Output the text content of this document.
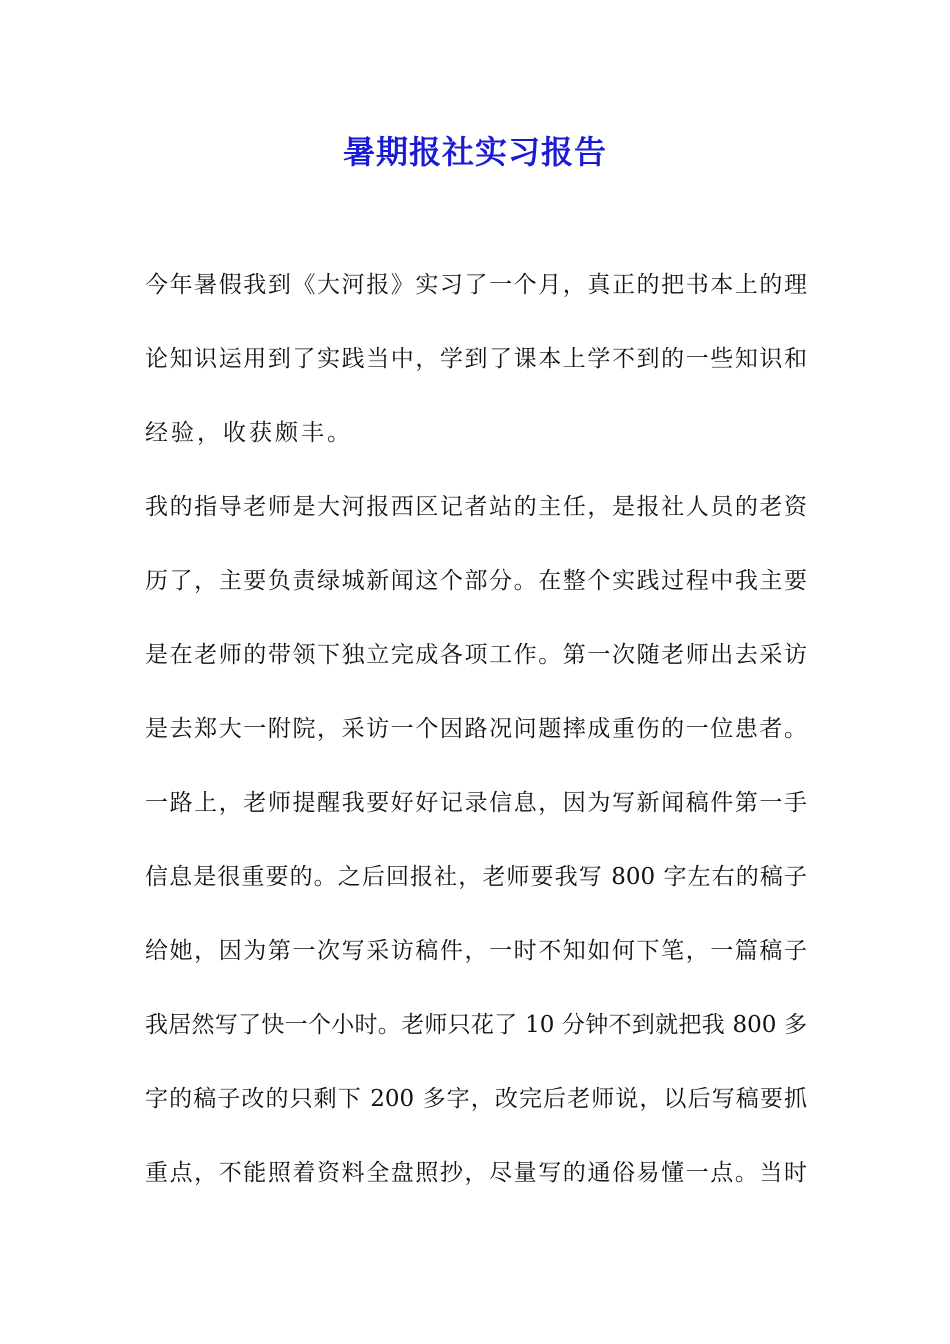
暑期报社实习报告
今年暑假我到《大河报》实习了一个月，真正的把书本上的理
论知识运用到了实践当中，学到了课本上学不到的一些知识和
经验，收获颇丰。
我的指导老师是大河报西区记者站的主任，是报社人员的老资
历了，主要负责绿城新闻这个部分。在整个实践过程中我主要
是在老师的带领下独立完成各项工作。第一次随老师出去采访
是去郑大一附院，采访一个因路况问题摔成重伤的一位患者。
一路上，老师提醒我要好好记录信息，因为写新闻稿件第一手
信息是很重要的。之后回报社，老师要我写 800 字左右的稿子
给她，因为第一次写采访稿件，一时不知如何下笔，一篇稿子
我居然写了快一个小时。老师只花了 10 分钟不到就把我 800 多
字的稿子改的只剩下 200 多字，改完后老师说，以后写稿要抓
重点，不能照着资料全盘照抄，尽量写的通俗易懂一点。当时
